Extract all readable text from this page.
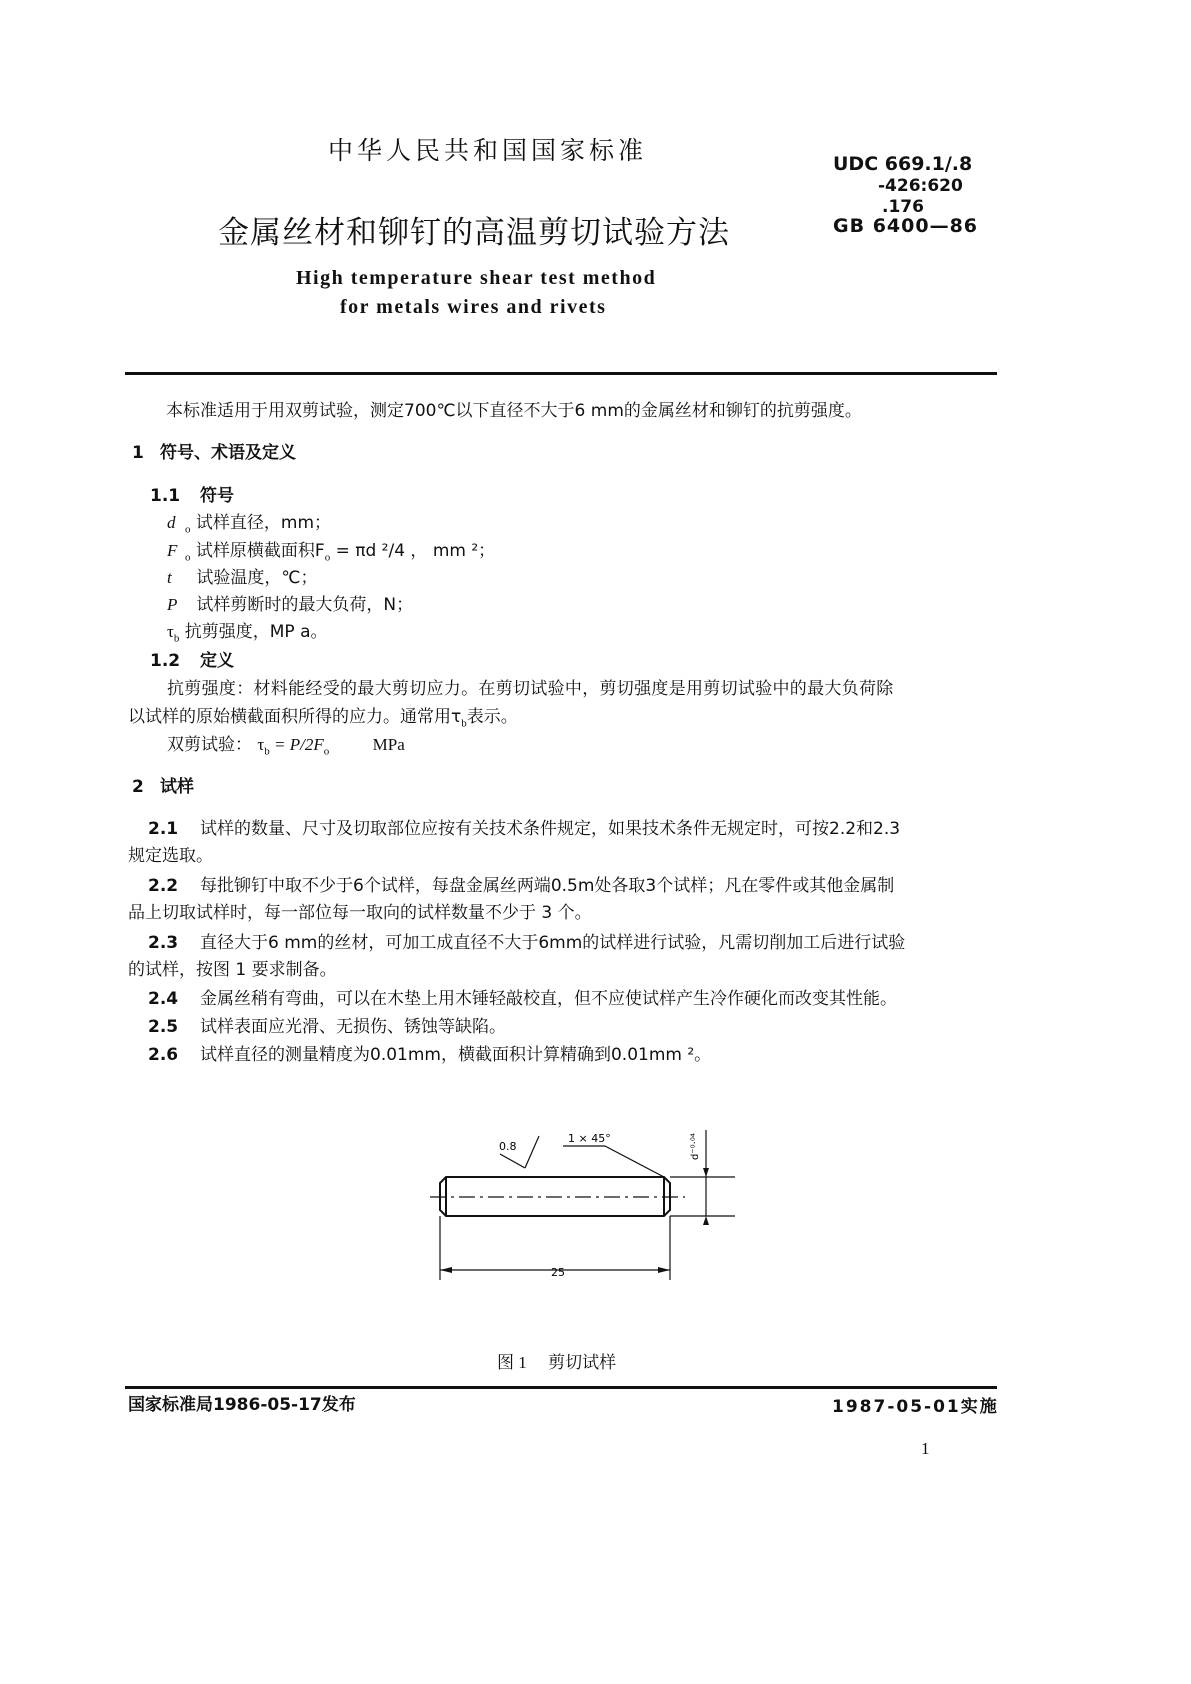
中华人民共和国国家标准	UDC 669.1/.8
-426:620
.176
GB 6400—86
金属丝材和铆钉的高温剪切试验方法
High temperature shear test method
for metals wires and rivets
本标准适用于用双剪试验，测定700℃以下直径不大于6 mm的金属丝材和铆钉的抗剪强度。
1 符号、术语及定义
1.1 符号
d $_o$ 试样直径，mm；
F $_o$ 试样原横截面积$F_o = \pi d$ ²/4 ， mm ²；
t 试验温度，℃；
P 试样剪断时的最大负荷，N；
$\tau_b$ 抗剪强度，MP a。
1.2 定义
抗剪强度：材料能经受的最大剪切应力。在剪切试验中，剪切强度是用剪切试验中的最大负荷除
以试样的原始横截面积所得的应力。通常用$\tau_b$表示。
双剪试验： $\tau_b = P/2F_o$	MPa
2 试样
2.1 试样的数量、尺寸及切取部位应按有关技术条件规定，如果技术条件无规定时，可按2.2和2.3
规定选取。
2.2 每批铆钉中取不少于6个试样，每盘金属丝两端0.5m处各取3个试样；凡在零件或其他金属制
品上切取试样时，每一部位每一取向的试样数量不少于 3 个。
2.3 直径大于6 mm的丝材，可加工成直径不大于6mm的试样进行试验，凡需切削加工后进行试验
的试样，按图 1 要求制备。
2.4 金属丝稍有弯曲，可以在木垫上用木锤轻敲校直，但不应使试样产生冷作硬化而改变其性能。
2.5 试样表面应光滑、无损伤、锈蚀等缺陷。
2.6 试样直径的测量精度为0.01mm，横截面积计算精确到0.01mm ²。
0.8
1 × 45°
25
d⁻⁰·⁰⁴
图 1 剪切试样
国家标准局1986-05-17发布	1987-05-01实施
1
